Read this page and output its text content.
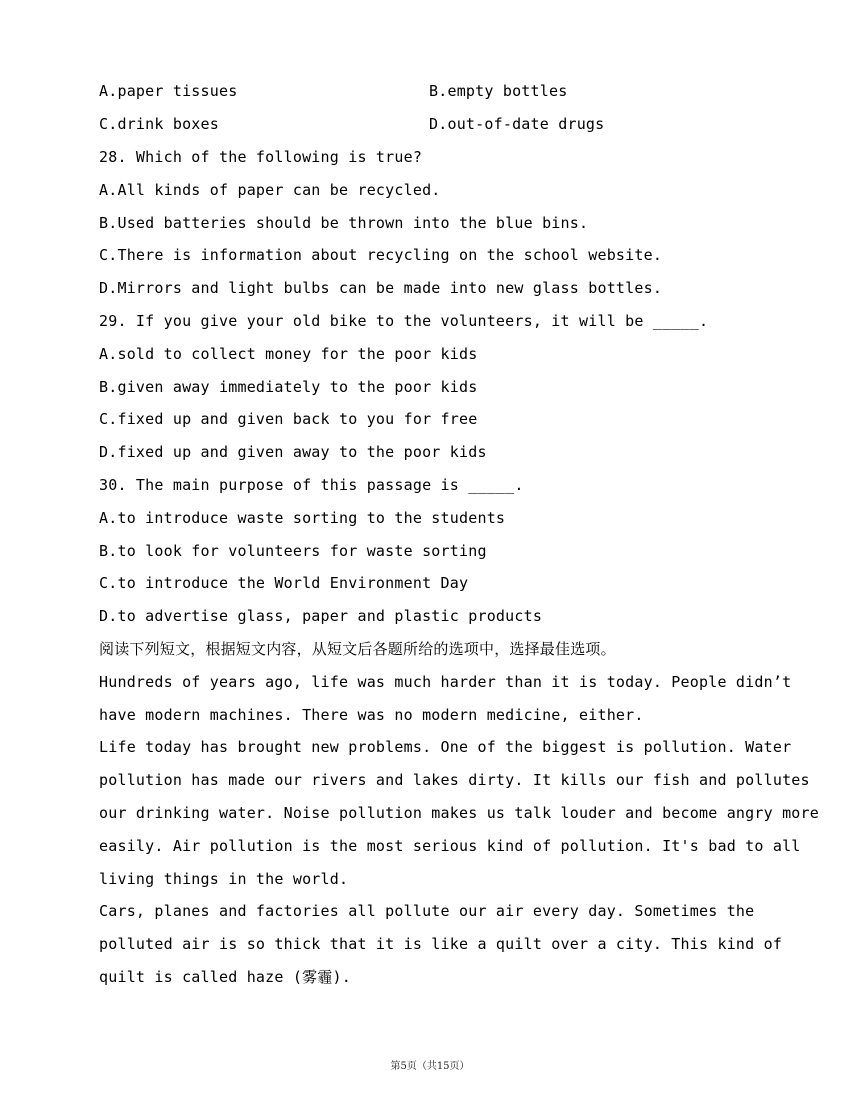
A.paper tissues	B.empty bottles
C.drink boxes	D.out-of-date drugs
28. Which of the following is true?
A.All kinds of paper can be recycled.
B.Used batteries should be thrown into the blue bins.
C.There is information about recycling on the school website.
D.Mirrors and light bulbs can be made into new glass bottles.
29. If you give your old bike to the volunteers, it will be _____.
A.sold to collect money for the poor kids
B.given away immediately to the poor kids
C.fixed up and given back to you for free
D.fixed up and given away to the poor kids
30. The main purpose of this passage is _____.
A.to introduce waste sorting to the students
B.to look for volunteers for waste sorting
C.to introduce the World Environment Day
D.to advertise glass, paper and plastic products
阅读下列短文，根据短文内容，从短文后各题所给的选项中，选择最佳选项。
Hundreds of years ago, life was much harder than it is today. People didn’t
have modern machines. There was no modern medicine, either.
Life today has brought new problems. One of the biggest is pollution. Water
pollution has made our rivers and lakes dirty. It kills our fish and pollutes
our drinking water. Noise pollution makes us talk louder and become angry more
easily. Air pollution is the most serious kind of pollution. It's bad to all
living things in the world.
Cars, planes and factories all pollute our air every day. Sometimes the
polluted air is so thick that it is like a quilt over a city. This kind of
quilt is called haze (雾霾).
第5页（共15页）
